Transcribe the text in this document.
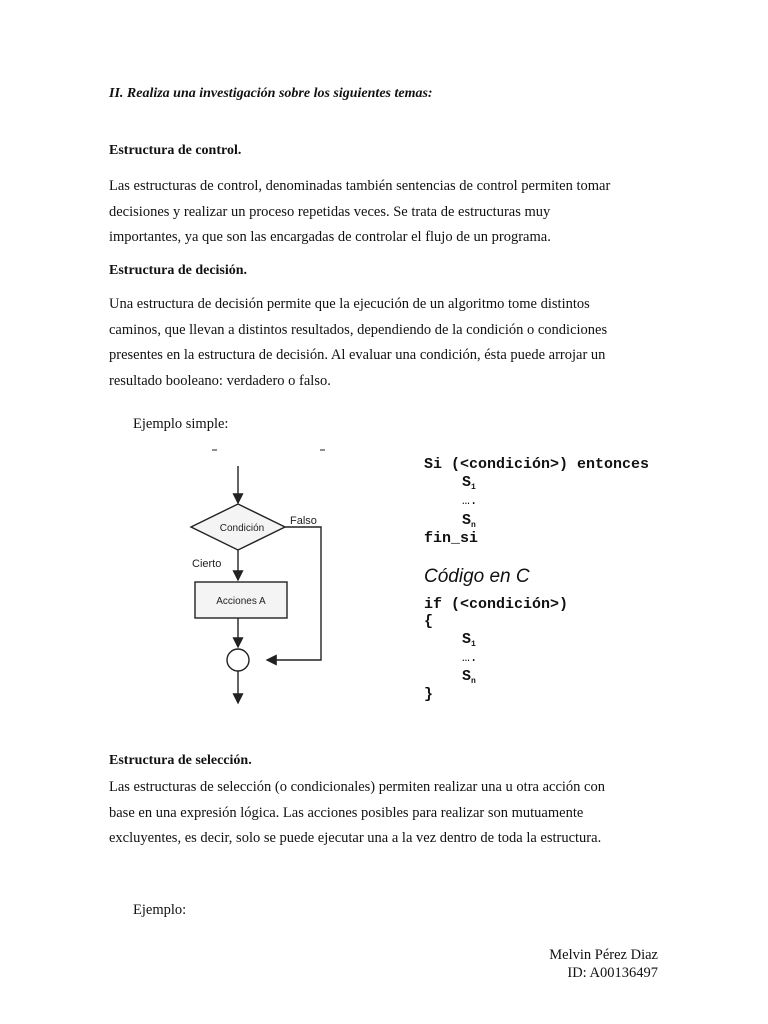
II. Realiza una investigación sobre los siguientes temas:
Estructura de control.

Las estructuras de control, denominadas también sentencias de control permiten tomar

decisiones y realizar un proceso repetidas veces. Se trata de estructuras muy

importantes, ya que son las encargadas de controlar el flujo de un programa.

Estructura de decisión.

Una estructura de decisión permite que la ejecución de un algoritmo tome distintos

caminos, que llevan a distintos resultados, dependiendo de la condición o condiciones

presentes en la estructura de decisión. Al evaluar una condición, ésta puede arrojar un

resultado booleano: verdadero o falso.

Ejemplo simple:
Condición
Falso
Cierto
Acciones A
Si (<condición>) entonces
$S_1$
….
$S_n$
fin_si
Código en C
if (<condición>)
{
$S_1$
….
$S_n$
}
Estructura de selección.

Las estructuras de selección (o condicionales) permiten realizar una u otra acción con

base en una expresión lógica. Las acciones posibles para realizar son mutuamente

excluyentes, es decir, solo se puede ejecutar una a la vez dentro de toda la estructura.

Ejemplo:
Melvin Pérez Diaz
ID: A00136497
